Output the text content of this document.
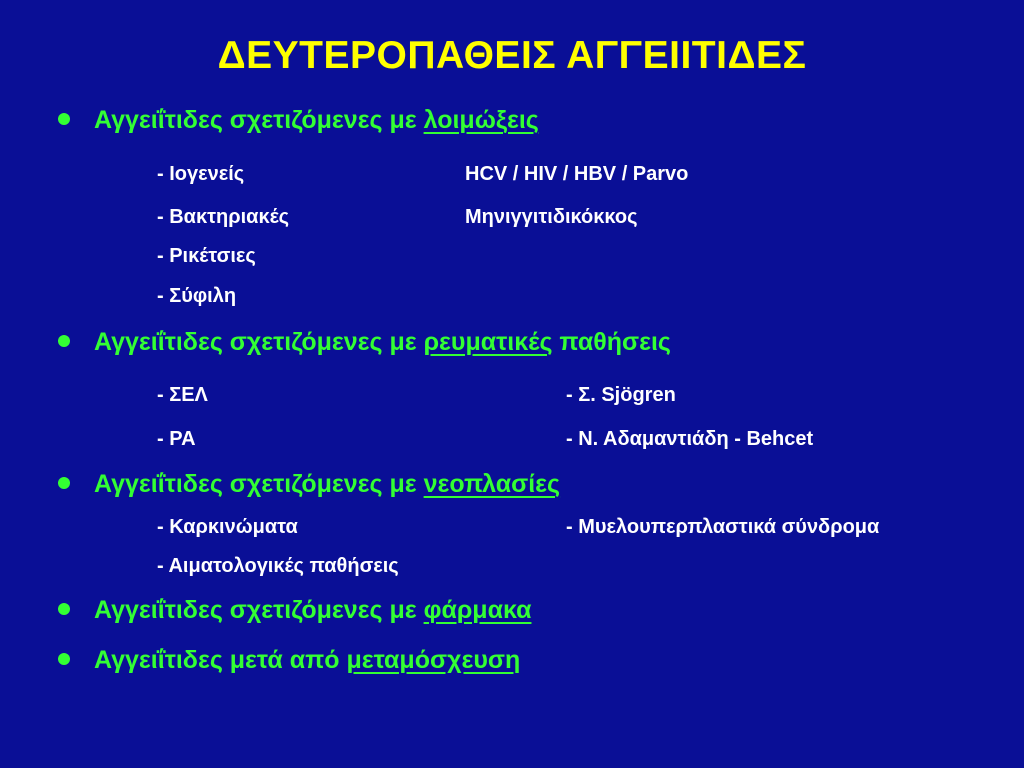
ΔΕΥΤΕΡΟΠΑΘΕΙΣ ΑΓΓΕΙΙΤΙΔΕΣ
Αγγειΐτιδες σχετιζόμενες με λοιμώξεις
- Ιογενείς	HCV / HIV / HBV / Parvo
- Βακτηριακές	Μηνιγγιτιδικόκκος
- Ρικέτσιες
- Σύφιλη
Αγγειΐτιδες σχετιζόμενες με ρευματικές παθήσεις
- ΣΕΛ	- Σ. Sjögren
- ΡΑ	- Ν. Αδαμαντιάδη - Behcet
Αγγειΐτιδες σχετιζόμενες με νεοπλασίες
- Καρκινώματα	- Μυελουπερπλαστικά σύνδρομα
- Αιματολογικές παθήσεις
Αγγειΐτιδες σχετιζόμενες με φάρμακα
Αγγειΐτιδες μετά από μεταμόσχευση
